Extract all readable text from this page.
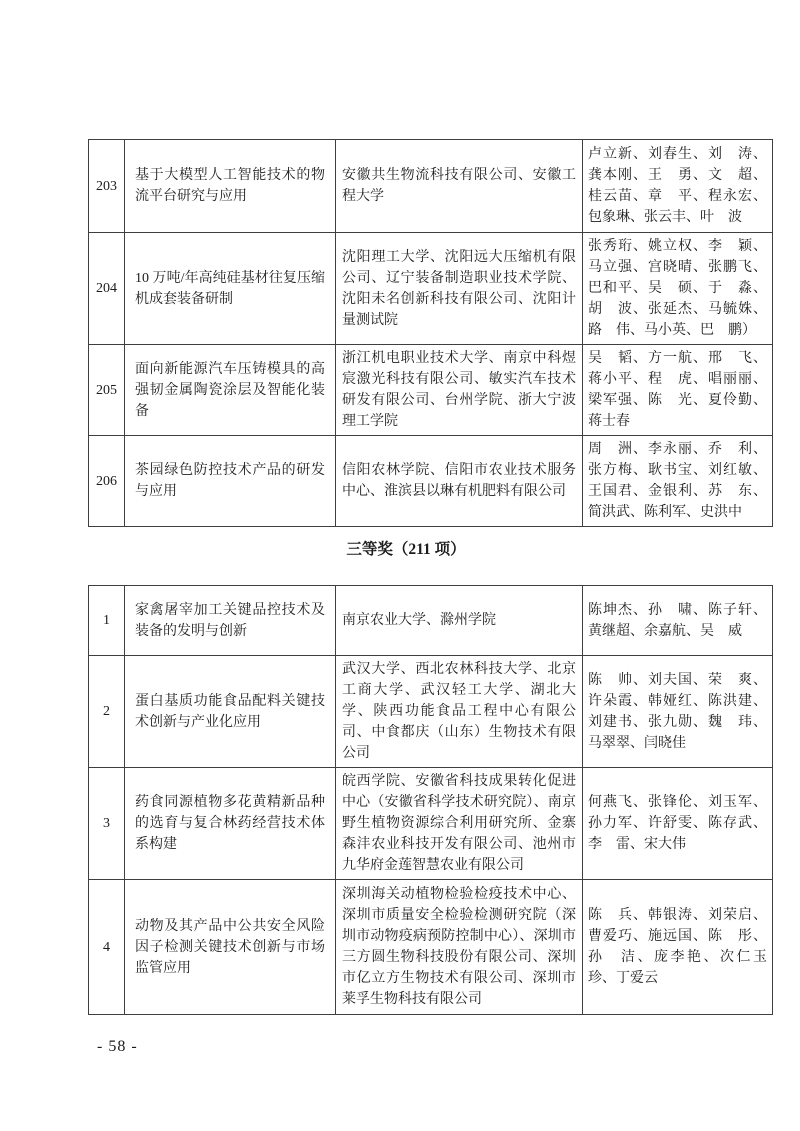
203	基于大模型人工智能技术的物流平台研究与应用	安徽共生物流科技有限公司、安徽工程大学	卢立新、刘春生、刘　涛、龚本刚、王　勇、文　超、桂云苗、章　平、程永宏、包象琳、张云丰、叶　波
204	10 万吨/年高纯硅基材往复压缩机成套装备研制	沈阳理工大学、沈阳远大压缩机有限公司、辽宁装备制造职业技术学院、沈阳未名创新科技有限公司、沈阳计量测试院	张秀珩、姚立权、李　颖、马立强、宫晓晴、张鹏飞、巴和平、吴　硕、于　淼、胡　波、张延杰、马毓姝、路　伟、马小英、巴　鹏）
205	面向新能源汽车压铸模具的高强韧金属陶瓷涂层及智能化装备	浙江机电职业技术大学、南京中科煜宸激光科技有限公司、敏实汽车技术研发有限公司、台州学院、浙大宁波理工学院	吴　韬、方一航、邢　飞、蒋小平、程　虎、唱丽丽、梁军强、陈　光、夏伶勤、蒋士春
206	茶园绿色防控技术产品的研发与应用	信阳农林学院、信阳市农业技术服务中心、淮滨县以琳有机肥料有限公司	周　洲、李永丽、乔　利、张方梅、耿书宝、刘红敏、王国君、金银利、苏　东、简洪武、陈利军、史洪中
三等奖（211 项）
1	家禽屠宰加工关键品控技术及装备的发明与创新	南京农业大学、滁州学院	陈坤杰、孙　啸、陈子轩、黄继超、余嘉航、吴　威
2	蛋白基质功能食品配料关键技术创新与产业化应用	武汉大学、西北农林科技大学、北京工商大学、武汉轻工大学、湖北大学、陕西功能食品工程中心有限公司、中食都庆（山东）生物技术有限公司	陈　帅、刘夫国、荣　爽、许朵霞、韩娅红、陈洪建、刘建书、张九勋、魏　玮、马翠翠、闫晓佳
3	药食同源植物多花黄精新品种的选育与复合林药经营技术体系构建	皖西学院、安徽省科技成果转化促进中心（安徽省科学技术研究院）、南京野生植物资源综合利用研究所、金寨森沣农业科技开发有限公司、池州市九华府金莲智慧农业有限公司	何燕飞、张锋伦、刘玉军、孙力军、许舒雯、陈存武、李　雷、宋大伟
4	动物及其产品中公共安全风险因子检测关键技术创新与市场监管应用	深圳海关动植物检验检疫技术中心、深圳市质量安全检验检测研究院（深圳市动物疫病预防控制中心）、深圳市三方圆生物科技股份有限公司、深圳市亿立方生物技术有限公司、深圳市莱孚生物科技有限公司	陈　兵、韩银涛、刘荣启、曹爱巧、施远国、陈　彤、孙　洁、庞李艳、次仁玉珍、丁爱云
- 58 -
